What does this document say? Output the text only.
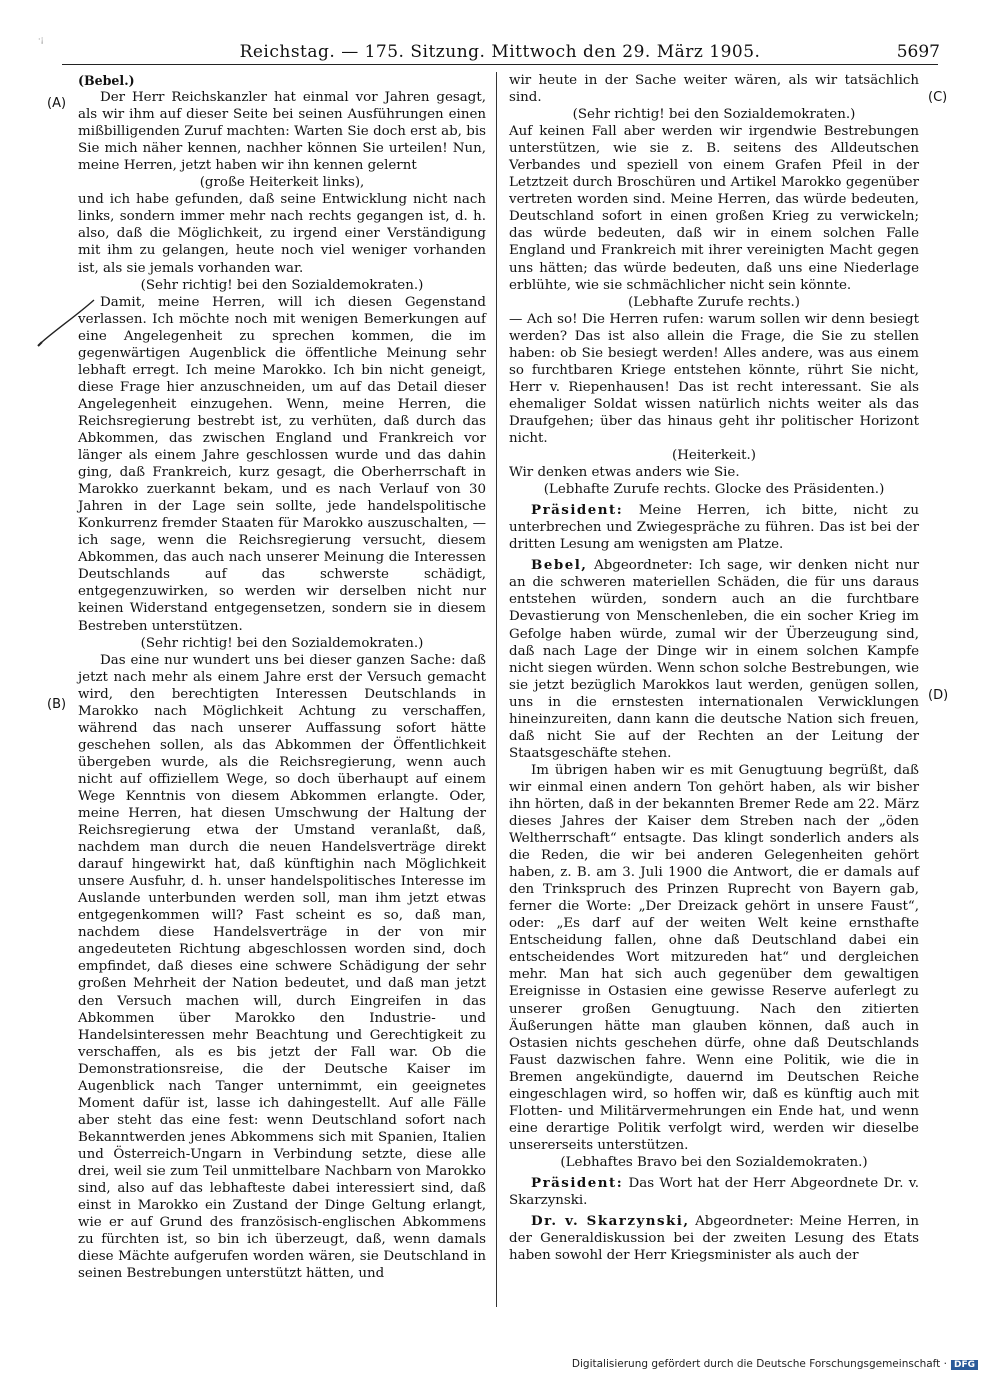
·¡
Reichstag. — 175. Sitzung. Mittwoch den 29. März 1905.	5697
(A)
(B)
(C)
(D)

(Bebel.)

Der Herr Reichskanzler hat einmal vor Jahren gesagt, als wir ihm auf dieser Seite bei seinen Ausführungen einen mißbilligenden Zuruf machten: Warten Sie doch erst ab, bis Sie mich näher kennen, nachher können Sie urteilen! Nun, meine Herren, jetzt haben wir ihn kennen gelernt

(große Heiterkeit links),

und ich habe gefunden, daß seine Entwicklung nicht nach links, sondern immer mehr nach rechts gegangen ist, d. h. also, daß die Möglichkeit, zu irgend einer Verständigung mit ihm zu gelangen, heute noch viel weniger vorhanden ist, als sie jemals vorhanden war.

(Sehr richtig! bei den Sozialdemokraten.)

Damit, meine Herren, will ich diesen Gegenstand verlassen. Ich möchte noch mit wenigen Bemerkungen auf eine Angelegenheit zu sprechen kommen, die im gegenwärtigen Augenblick die öffentliche Meinung sehr lebhaft erregt. Ich meine Marokko. Ich bin nicht geneigt, diese Frage hier anzuschneiden, um auf das Detail dieser Angelegenheit einzugehen. Wenn, meine Herren, die Reichsregierung bestrebt ist, zu verhüten, daß durch das Abkommen, das zwischen England und Frankreich vor länger als einem Jahre geschlossen wurde und das dahin ging, daß Frankreich, kurz gesagt, die Oberherrschaft in Marokko zuerkannt bekam, und es nach Verlauf von 30 Jahren in der Lage sein sollte, jede handelspolitische Konkurrenz fremder Staaten für Marokko auszuschalten, — ich sage, wenn die Reichsregierung versucht, diesem Abkommen, das auch nach unserer Meinung die Interessen Deutschlands auf das schwerste schädigt, entgegenzuwirken, so werden wir derselben nicht nur keinen Widerstand entgegensetzen, sondern sie in diesem Bestreben unterstützen.

(Sehr richtig! bei den Sozialdemokraten.)

Das eine nur wundert uns bei dieser ganzen Sache: daß jetzt nach mehr als einem Jahre erst der Versuch gemacht wird, den berechtigten Interessen Deutschlands in Marokko nach Möglichkeit Achtung zu verschaffen, während das nach unserer Auffassung sofort hätte geschehen sollen, als das Abkommen der Öffentlichkeit übergeben wurde, als die Reichsregierung, wenn auch nicht auf offiziellem Wege, so doch überhaupt auf einem Wege Kenntnis von diesem Abkommen erlangte. Oder, meine Herren, hat diesen Umschwung der Haltung der Reichsregierung etwa der Umstand veranlaßt, daß, nachdem man durch die neuen Handelsverträge direkt darauf hingewirkt hat, daß künftighin nach Möglichkeit unsere Ausfuhr, d. h. unser handelspolitisches Interesse im Auslande unterbunden werden soll, man ihm jetzt etwas entgegenkommen will? Fast scheint es so, daß man, nachdem diese Handelsverträge in der von mir angedeuteten Richtung abgeschlossen worden sind, doch empfindet, daß dieses eine schwere Schädigung der sehr großen Mehrheit der Nation bedeutet, und daß man jetzt den Versuch machen will, durch Eingreifen in das Abkommen über Marokko den Industrie- und Handelsinteressen mehr Beachtung und Gerechtigkeit zu verschaffen, als es bis jetzt der Fall war. Ob die Demonstrationsreise, die der Deutsche Kaiser im Augenblick nach Tanger unternimmt, ein geeignetes Moment dafür ist, lasse ich dahingestellt. Auf alle Fälle aber steht das eine fest: wenn Deutschland sofort nach Bekanntwerden jenes Abkommens sich mit Spanien, Italien und Österreich-Ungarn in Verbindung setzte, diese alle drei, weil sie zum Teil unmittelbare Nachbarn von Marokko sind, also auf das lebhafteste dabei interessiert sind, daß einst in Marokko ein Zustand der Dinge Geltung erlangt, wie er auf Grund des französisch-englischen Abkommens zu fürchten ist, so bin ich überzeugt, daß, wenn damals diese Mächte aufgerufen worden wären, sie Deutschland in seinen Bestrebungen unterstützt hätten, und

wir heute in der Sache weiter wären, als wir tatsächlich sind.

(Sehr richtig! bei den Sozialdemokraten.)

Auf keinen Fall aber werden wir irgendwie Bestrebungen unterstützen, wie sie z. B. seitens des Alldeutschen Verbandes und speziell von einem Grafen Pfeil in der Letztzeit durch Broschüren und Artikel Marokko gegenüber vertreten worden sind. Meine Herren, das würde bedeuten, Deutschland sofort in einen großen Krieg zu verwickeln; das würde bedeuten, daß wir in einem solchen Falle England und Frankreich mit ihrer vereinigten Macht gegen uns hätten; das würde bedeuten, daß uns eine Niederlage erblühte, wie sie schmächlicher nicht sein könnte.

(Lebhafte Zurufe rechts.)

— Ach so! Die Herren rufen: warum sollen wir denn besiegt werden? Das ist also allein die Frage, die Sie zu stellen haben: ob Sie besiegt werden! Alles andere, was aus einem so furchtbaren Kriege entstehen könnte, rührt Sie nicht, Herr v. Riepenhausen! Das ist recht interessant. Sie als ehemaliger Soldat wissen natürlich nichts weiter als das Draufgehen; über das hinaus geht ihr politischer Horizont nicht.

(Heiterkeit.)

Wir denken etwas anders wie Sie.

(Lebhafte Zurufe rechts. Glocke des Präsidenten.)

Präsident: Meine Herren, ich bitte, nicht zu unterbrechen und Zwiegespräche zu führen. Das ist bei der dritten Lesung am wenigsten am Platze.

Bebel, Abgeordneter: Ich sage, wir denken nicht nur an die schweren materiellen Schäden, die für uns daraus entstehen würden, sondern auch an die furchtbare Devastierung von Menschenleben, die ein socher Krieg im Gefolge haben würde, zumal wir der Überzeugung sind, daß nach Lage der Dinge wir in einem solchen Kampfe nicht siegen würden. Wenn schon solche Bestrebungen, wie sie jetzt bezüglich Marokkos laut werden, genügen sollen, uns in die ernstesten internationalen Verwicklungen hineinzureiten, dann kann die deutsche Nation sich freuen, daß nicht Sie auf der Rechten an der Leitung der Staatsgeschäfte stehen.

Im übrigen haben wir es mit Genugtuung begrüßt, daß wir einmal einen andern Ton gehört haben, als wir bisher ihn hörten, daß in der bekannten Bremer Rede am 22. März dieses Jahres der Kaiser dem Streben nach der „öden Weltherrschaft“ entsagte. Das klingt sonderlich anders als die Reden, die wir bei anderen Gelegenheiten gehört haben, z. B. am 3. Juli 1900 die Antwort, die er damals auf den Trinkspruch des Prinzen Ruprecht von Bayern gab, ferner die Worte: „Der Dreizack gehört in unsere Faust“, oder: „Es darf auf der weiten Welt keine ernsthafte Entscheidung fallen, ohne daß Deutschland dabei ein entscheidendes Wort mitzureden hat“ und dergleichen mehr. Man hat sich auch gegenüber dem gewaltigen Ereignisse in Ostasien eine gewisse Reserve auferlegt zu unserer großen Genugtuung. Nach den zitierten Äußerungen hätte man glauben können, daß auch in Ostasien nichts geschehen dürfe, ohne daß Deutschlands Faust dazwischen fahre. Wenn eine Politik, wie die in Bremen angekündigte, dauernd im Deutschen Reiche eingeschlagen wird, so hoffen wir, daß es künftig auch mit Flotten- und Militärvermehrungen ein Ende hat, und wenn eine derartige Politik verfolgt wird, werden wir dieselbe unsererseits unterstützen.

(Lebhaftes Bravo bei den Sozialdemokraten.)

Präsident: Das Wort hat der Herr Abgeordnete Dr. v. Skarzynski.

Dr. v. Skarzynski, Abgeordneter: Meine Herren, in der Generaldiskussion bei der zweiten Lesung des Etats haben sowohl der Herr Kriegsminister als auch der

Digitalisierung gefördert durch die Deutsche Forschungsgemeinschaft · DFG
